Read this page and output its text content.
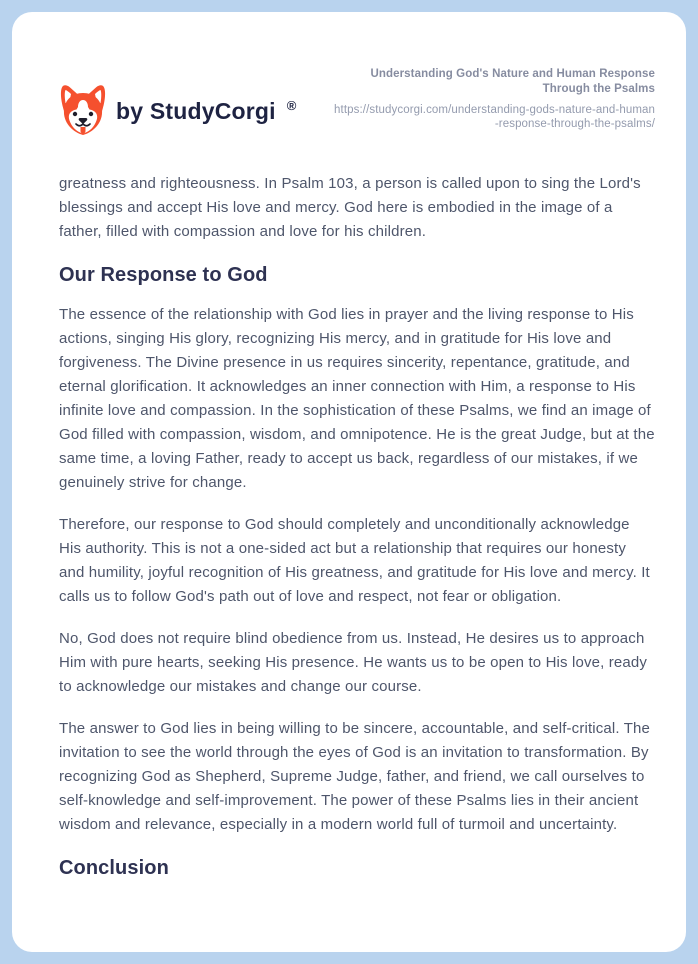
by StudyCorgi ®
Understanding God's Nature and Human Response Through the Psalms
https://studycorgi.com/understanding-gods-nature-and-human-response-through-the-psalms/

greatness and righteousness. In Psalm 103, a person is called upon to sing the Lord's blessings and accept His love and mercy. God here is embodied in the image of a father, filled with compassion and love for his children.

Our Response to God

The essence of the relationship with God lies in prayer and the living response to His actions, singing His glory, recognizing His mercy, and in gratitude for His love and forgiveness. The Divine presence in us requires sincerity, repentance, gratitude, and eternal glorification. It acknowledges an inner connection with Him, a response to His infinite love and compassion. In the sophistication of these Psalms, we find an image of God filled with compassion, wisdom, and omnipotence. He is the great Judge, but at the same time, a loving Father, ready to accept us back, regardless of our mistakes, if we genuinely strive for change.

Therefore, our response to God should completely and unconditionally acknowledge His authority. This is not a one-sided act but a relationship that requires our honesty and humility, joyful recognition of His greatness, and gratitude for His love and mercy. It calls us to follow God's path out of love and respect, not fear or obligation.

No, God does not require blind obedience from us. Instead, He desires us to approach Him with pure hearts, seeking His presence. He wants us to be open to His love, ready to acknowledge our mistakes and change our course.

The answer to God lies in being willing to be sincere, accountable, and self-critical. The invitation to see the world through the eyes of God is an invitation to transformation. By recognizing God as Shepherd, Supreme Judge, father, and friend, we call ourselves to self-knowledge and self-improvement. The power of these Psalms lies in their ancient wisdom and relevance, especially in a modern world full of turmoil and uncertainty.

Conclusion
